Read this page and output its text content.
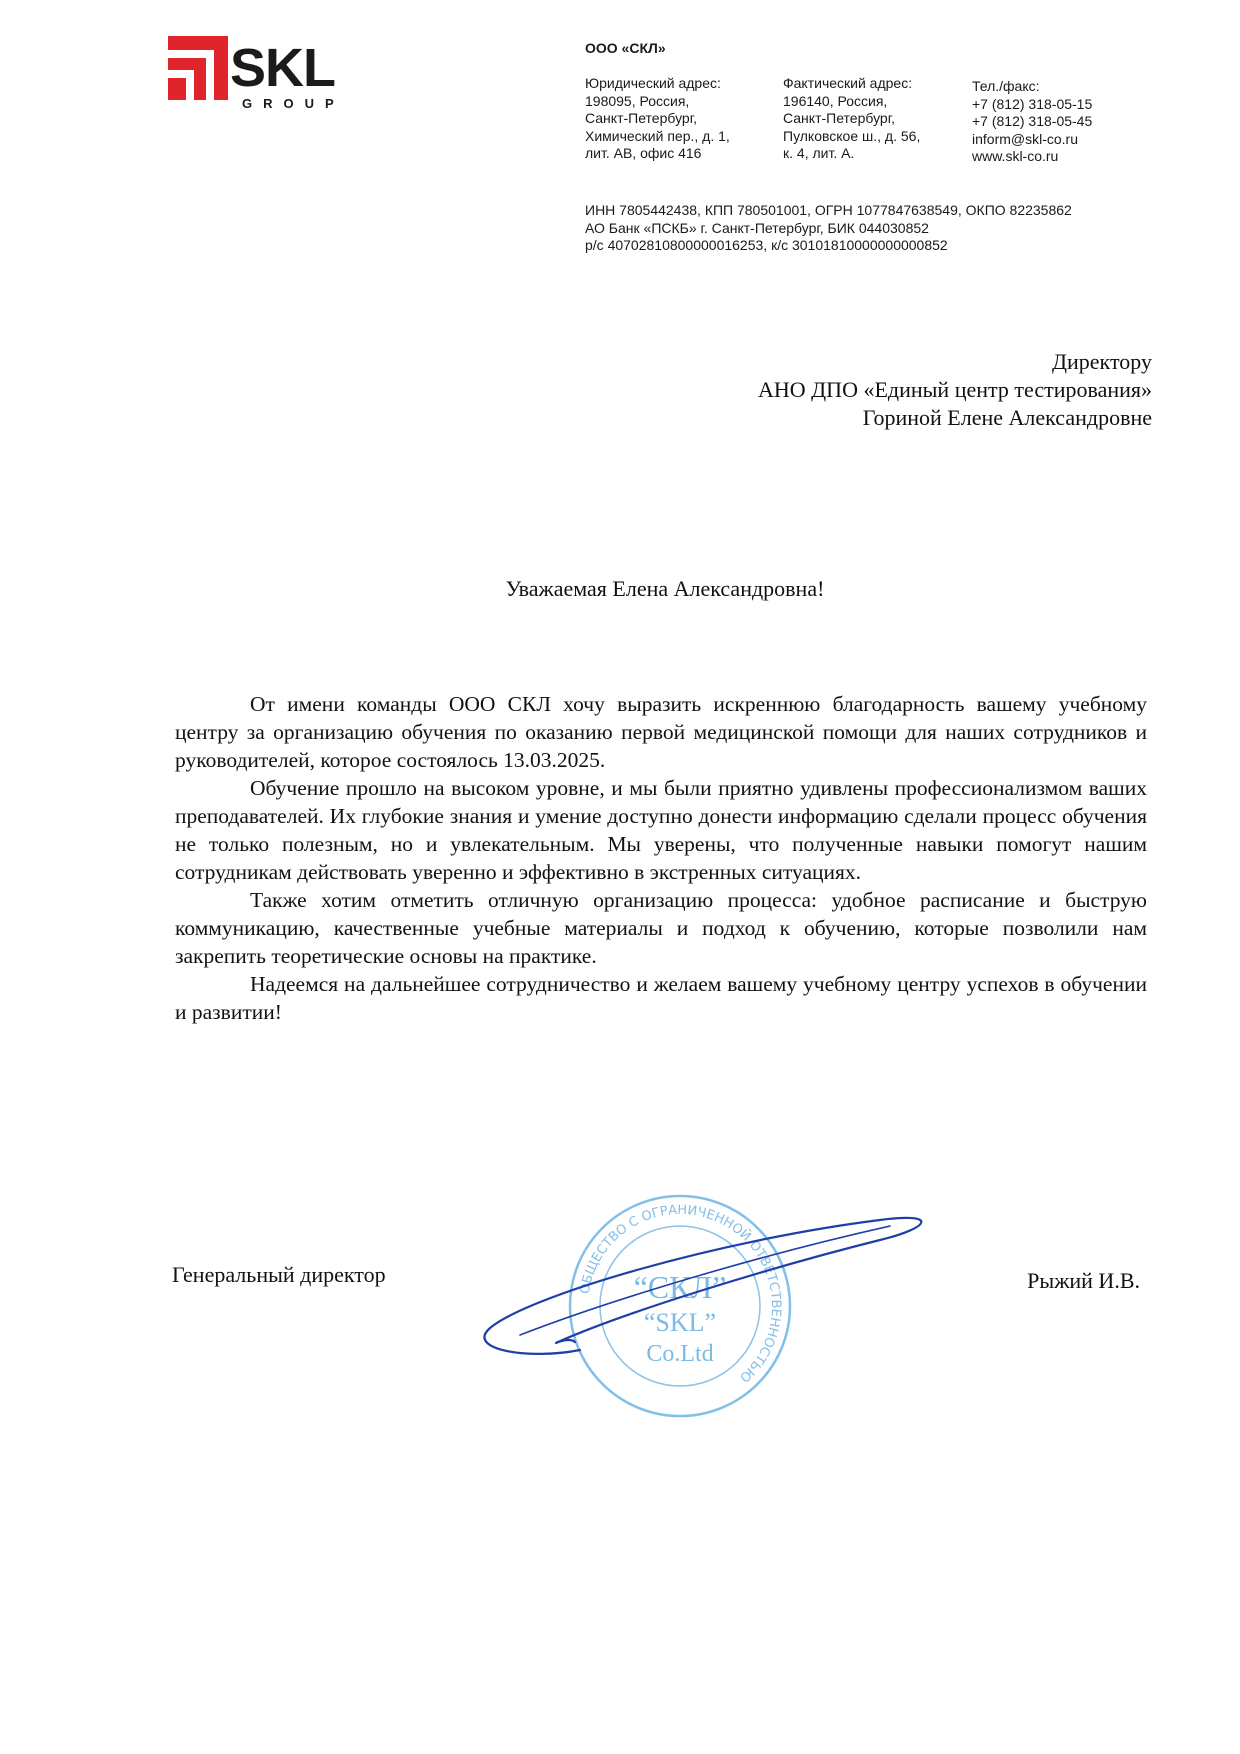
SKL
GROUP
ООО «СКЛ»
Юридический адрес:
198095, Россия,
Санкт-Петербург,
Химический пер., д. 1,
лит. АВ, офис 416
Фактический адрес:
196140, Россия,
Санкт-Петербург,
Пулковское ш., д. 56,
к. 4, лит. А.
Тел./факс:
+7 (812) 318-05-15
+7 (812) 318-05-45
inform@skl-co.ru
www.skl-co.ru
ИНН 7805442438, КПП 780501001, ОГРН 1077847638549, ОКПО 82235862
АО Банк «ПСКБ» г. Санкт-Петербург, БИК 044030852
р/с 40702810800000016253, к/с 30101810000000000852
Директору
АНО ДПО «Единый центр тестирования»
Гориной Елене Александровне
Уважаемая Елена Александровна!

От имени команды ООО СКЛ хочу выразить искреннюю благодарность вашему учебному центру за организацию обучения по оказанию первой медицинской помощи для наших сотрудников и руководителей, которое состоялось 13.03.2025.

Обучение прошло на высоком уровне, и мы были приятно удивлены профессионализмом ваших преподавателей. Их глубокие знания и умение доступно донести информацию сделали процесс обучения не только полезным, но и увлекательным. Мы уверены, что полученные навыки помогут нашим сотрудникам действовать уверенно и эффективно в экстренных ситуациях.

Также хотим отметить отличную организацию процесса: удобное расписание и быструю коммуникацию, качественные учебные материалы и подход к обучению, которые позволили нам закрепить теоретические основы на практике.

Надеемся на дальнейшее сотрудничество и желаем вашему учебному центру успехов в обучении и развитии!

ОБЩЕСТВО С ОГРАНИЧЕННОЙ ОТВЕТСТВЕННОСТЬЮ
“СКЛ”
“SKL”
Co.Ltd
Генеральный директор	Рыжий И.В.
